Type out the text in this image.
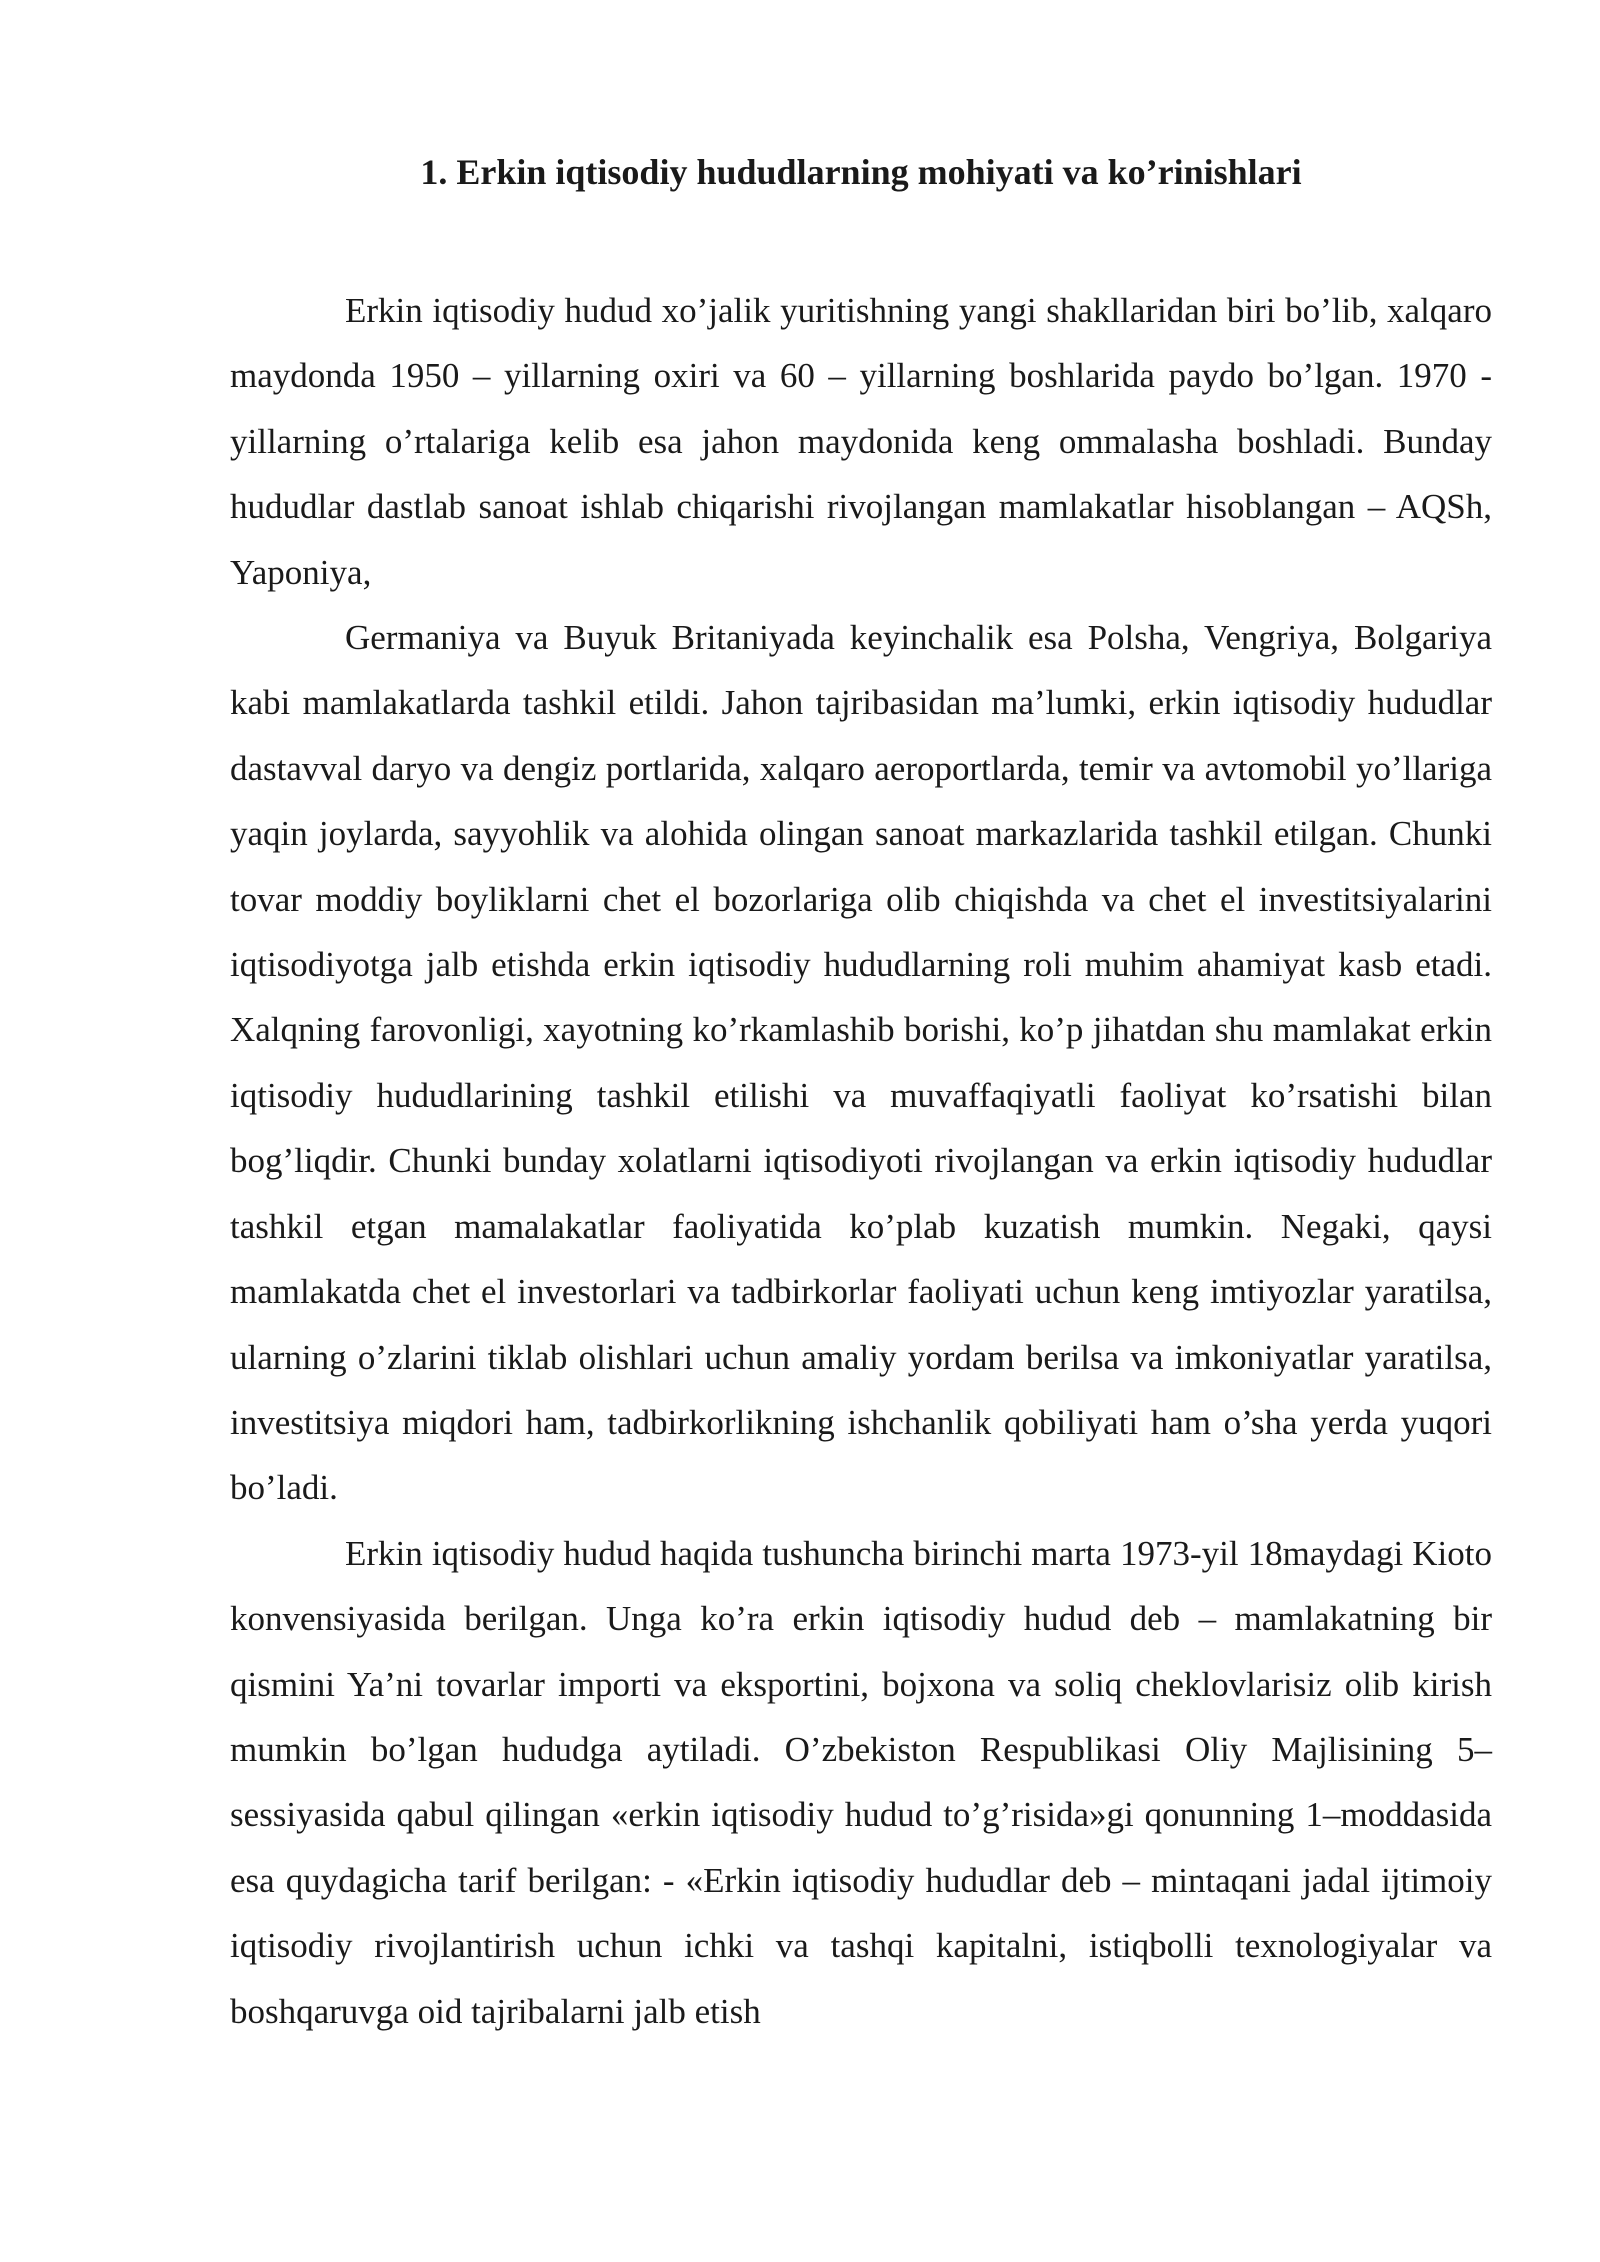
1. Erkin iqtisodiy hududlarning mohiyati va ko’rinishlari

Erkin iqtisodiy hudud xo’jalik yuritishning yangi shakllaridan biri bo’lib, xalqaro maydonda 1950 – yillarning oxiri va 60 – yillarning boshlarida paydo bo’lgan. 1970 - yillarning o’rtalariga kelib esa jahon maydonida keng ommalasha boshladi. Bunday hududlar dastlab sanoat ishlab chiqarishi rivojlangan mamlakatlar hisoblangan – AQSh, Yaponiya,

Germaniya va Buyuk Britaniyada keyinchalik esa Polsha, Vengriya, Bolgariya kabi mamlakatlarda tashkil etildi. Jahon tajribasidan ma’lumki, erkin iqtisodiy hududlar dastavval daryo va dengiz portlarida, xalqaro aeroportlarda, temir va avtomobil yo’llariga yaqin joylarda, sayyohlik va alohida olingan sanoat markazlarida tashkil etilgan. Chunki tovar moddiy boyliklarni chet el bozorlariga olib chiqishda va chet el investitsiyalarini iqtisodiyotga jalb etishda erkin iqtisodiy hududlarning roli muhim ahamiyat kasb etadi. Xalqning farovonligi, xayotning ko’rkamlashib borishi, ko’p jihatdan shu mamlakat erkin iqtisodiy hududlarining tashkil etilishi va muvaffaqiyatli faoliyat ko’rsatishi bilan bog’liqdir. Chunki bunday xolatlarni iqtisodiyoti rivojlangan va erkin iqtisodiy hududlar tashkil etgan mamalakatlar faoliyatida ko’plab kuzatish mumkin. Negaki, qaysi mamlakatda chet el investorlari va tadbirkorlar faoliyati uchun keng imtiyozlar yaratilsa, ularning o’zlarini tiklab olishlari uchun amaliy yordam berilsa va imkoniyatlar yaratilsa, investitsiya miqdori ham, tadbirkorlikning ishchanlik qobiliyati ham o’sha yerda yuqori bo’ladi.

Erkin iqtisodiy hudud haqida tushuncha birinchi marta 1973-yil 18maydagi Kioto konvensiyasida berilgan. Unga ko’ra erkin iqtisodiy hudud deb – mamlakatning bir qismini Ya’ni tovarlar importi va eksportini, bojxona va soliq cheklovlarisiz olib kirish mumkin bo’lgan hududga aytiladi. O’zbekiston Respublikasi Oliy Majlisining 5–sessiyasida qabul qilingan «erkin iqtisodiy hudud to’g’risida»gi qonunning 1–moddasida esa quydagicha tarif berilgan: - «Erkin iqtisodiy hududlar deb – mintaqani jadal ijtimoiy iqtisodiy rivojlantirish uchun ichki va tashqi kapitalni, istiqbolli texnologiyalar va boshqaruvga oid tajribalarni jalb etish
